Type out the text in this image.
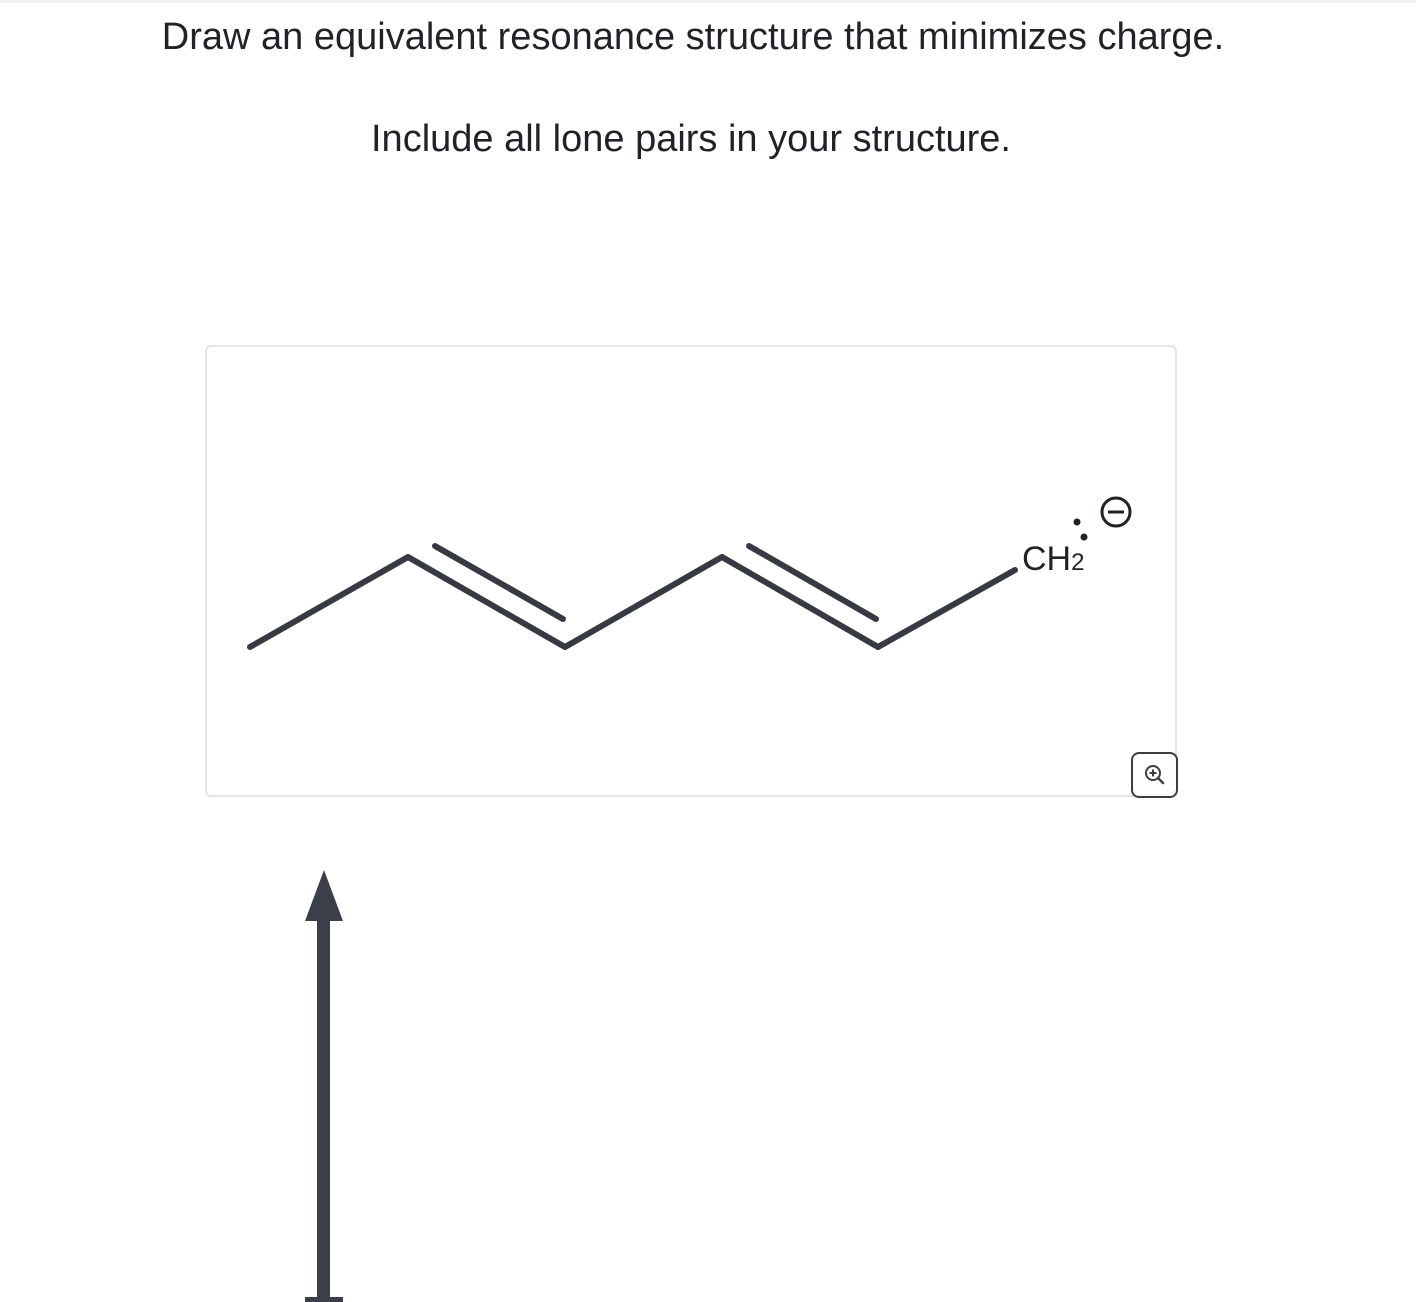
Draw an equivalent resonance structure that minimizes charge.
Include all lone pairs in your structure.
CH2
